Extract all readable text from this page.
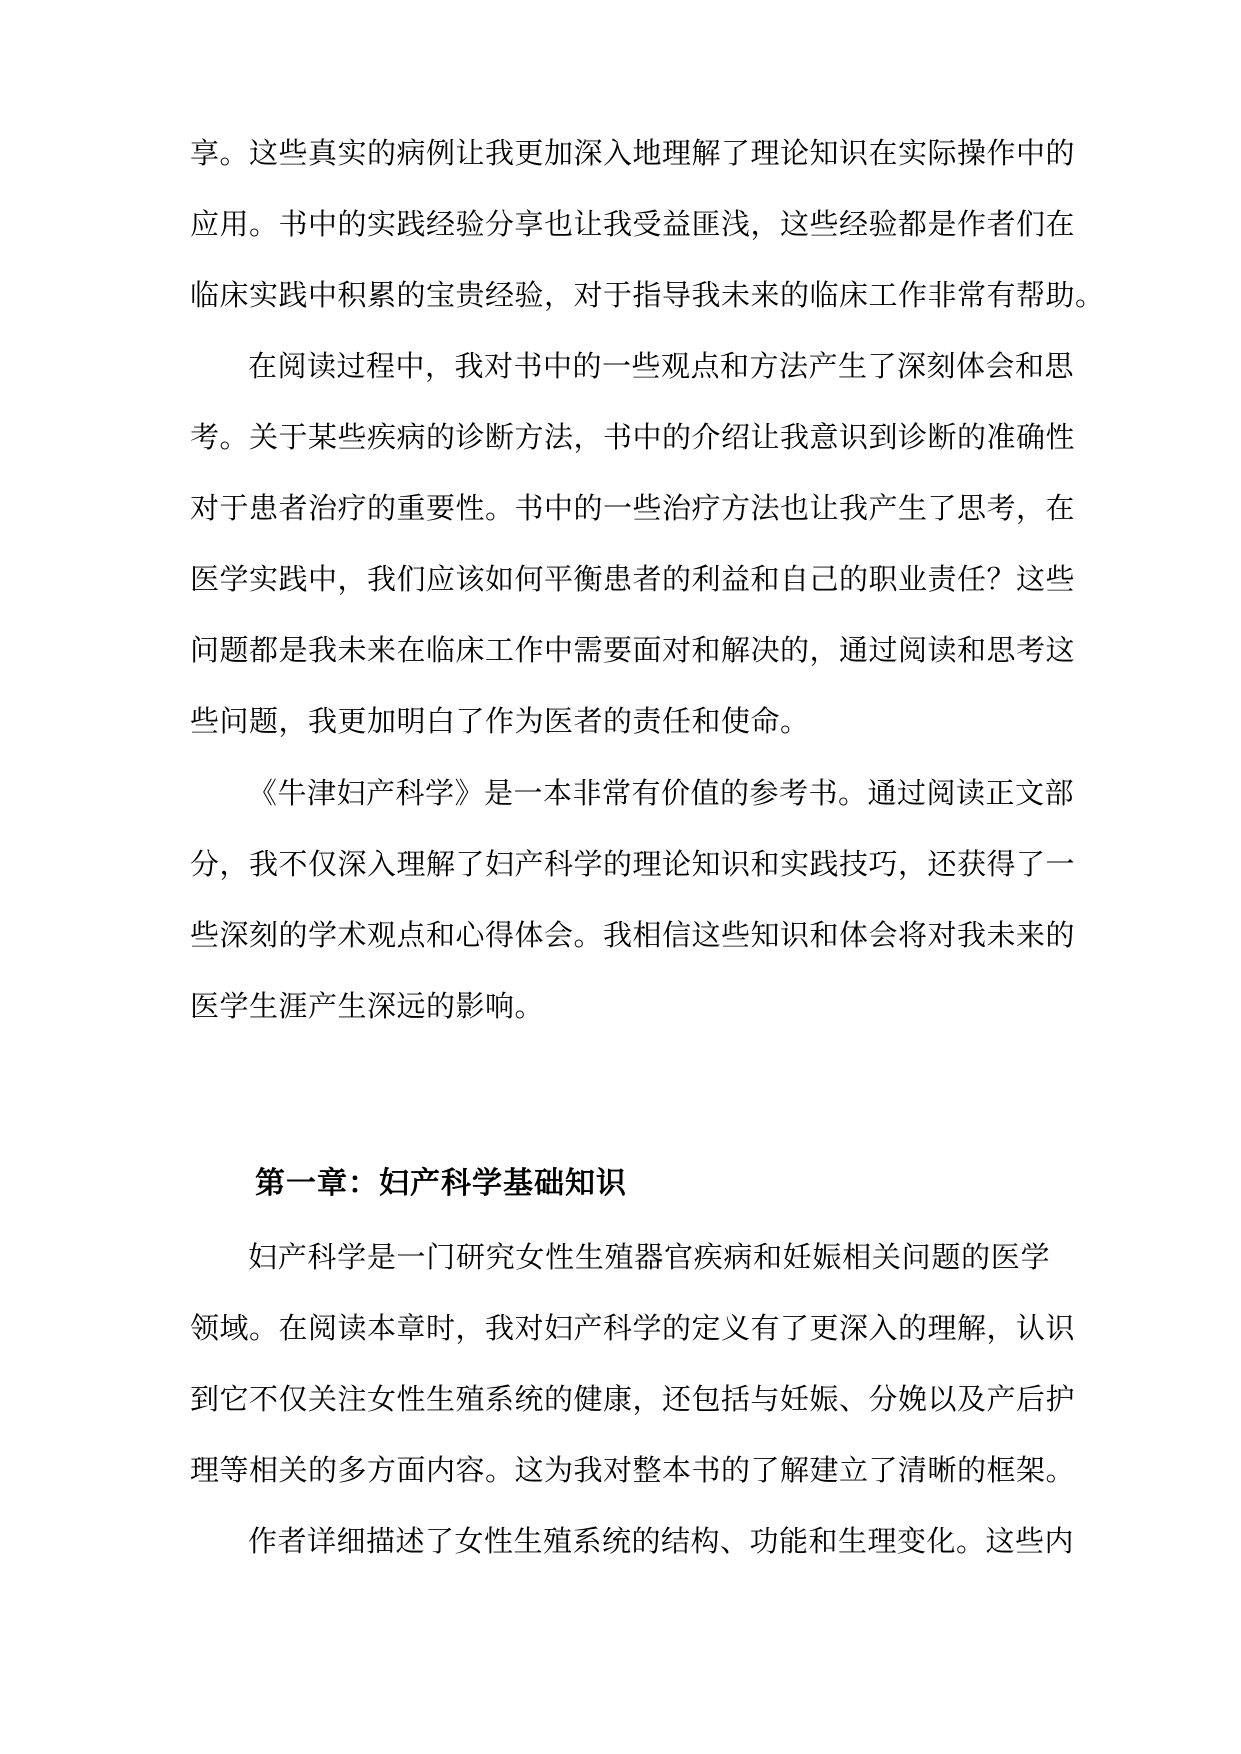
享。这些真实的病例让我更加深入地理解了理论知识在实际操作中的
应用。书中的实践经验分享也让我受益匪浅，这些经验都是作者们在
临床实践中积累的宝贵经验，对于指导我未来的临床工作非常有帮助。
在阅读过程中，我对书中的一些观点和方法产生了深刻体会和思
考。关于某些疾病的诊断方法，书中的介绍让我意识到诊断的准确性
对于患者治疗的重要性。书中的一些治疗方法也让我产生了思考，在
医学实践中，我们应该如何平衡患者的利益和自己的职业责任？这些
问题都是我未来在临床工作中需要面对和解决的，通过阅读和思考这
些问题，我更加明白了作为医者的责任和使命。
《牛津妇产科学》是一本非常有价值的参考书。通过阅读正文部
分，我不仅深入理解了妇产科学的理论知识和实践技巧，还获得了一
些深刻的学术观点和心得体会。我相信这些知识和体会将对我未来的
医学生涯产生深远的影响。
第一章：妇产科学基础知识
妇产科学是一门研究女性生殖器官疾病和妊娠相关问题的医学
领域。在阅读本章时，我对妇产科学的定义有了更深入的理解，认识
到它不仅关注女性生殖系统的健康，还包括与妊娠、分娩以及产后护
理等相关的多方面内容。这为我对整本书的了解建立了清晰的框架。
作者详细描述了女性生殖系统的结构、功能和生理变化。这些内
